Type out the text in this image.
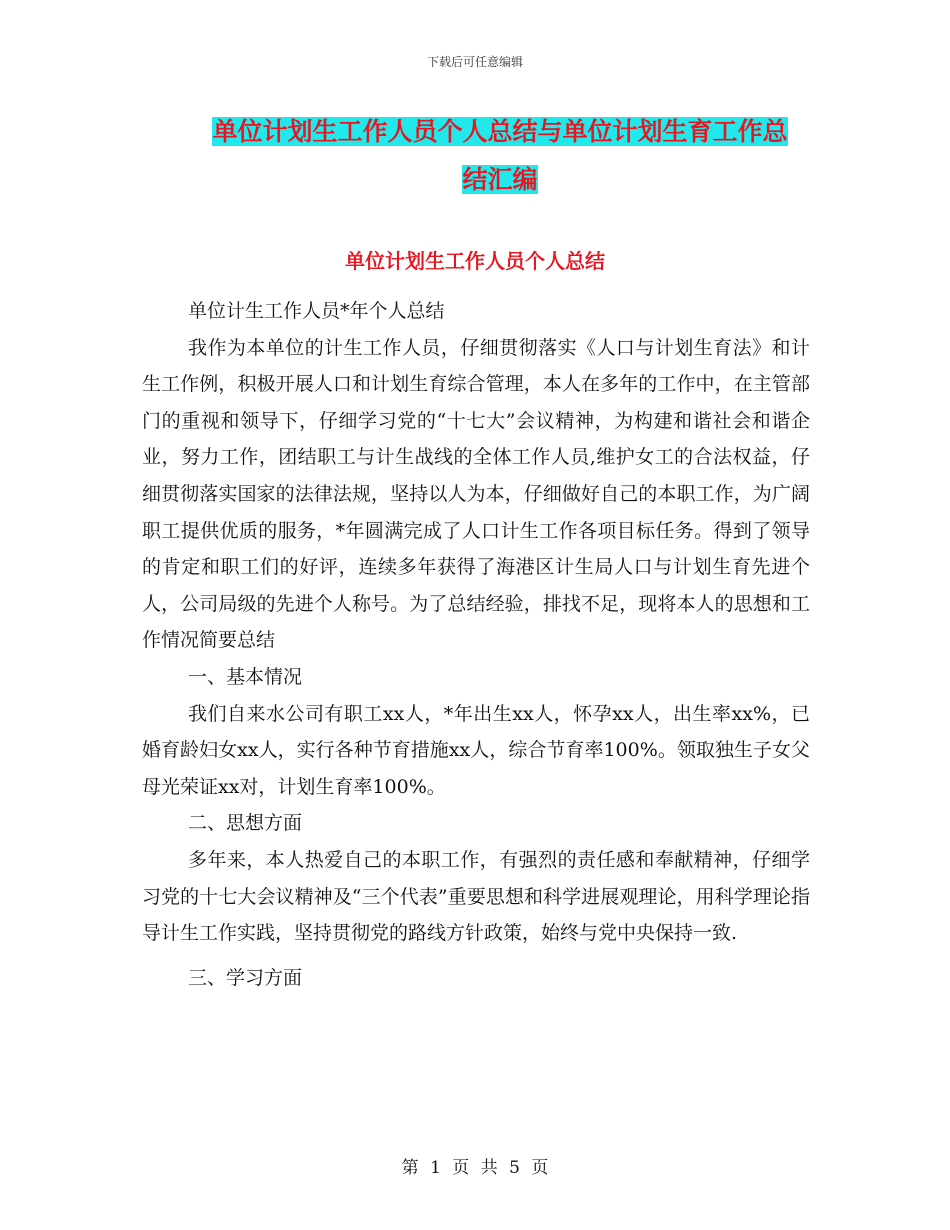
下载后可任意编辑
单位计划生工作人员个人总结与单位计划生育工作总
结汇编
单位计划生工作人员个人总结

单位计生工作人员*年个人总结

我作为本单位的计生工作人员，仔细贯彻落实《人口与计划生育法》和计生工作例，积极开展人口和计划生育综合管理，本人在多年的工作中，在主管部门的重视和领导下，仔细学习党的“十七大”会议精神，为构建和谐社会和谐企业，努力工作，团结职工与计生战线的全体工作人员,维护女工的合法权益，仔细贯彻落实国家的法律法规，坚持以人为本，仔细做好自己的本职工作，为广阔职工提供优质的服务，*年圆满完成了人口计生工作各项目标任务。得到了领导的肯定和职工们的好评，连续多年获得了海港区计生局人口与计划生育先进个人，公司局级的先进个人称号。为了总结经验，排找不足，现将本人的思想和工作情况简要总结

一、基本情况

我们自来水公司有职工xx人，*年出生xx人，怀孕xx人，出生率xx%，已婚育龄妇女xx人，实行各种节育措施xx人，综合节育率100%。领取独生子女父母光荣证xx对，计划生育率100%。

二、思想方面

多年来，本人热爱自己的本职工作，有强烈的责任感和奉献精神，仔细学习党的十七大会议精神及“三个代表”重要思想和科学进展观理论，用科学理论指导计生工作实践，坚持贯彻党的路线方针政策，始终与党中央保持一致.

三、学习方面

第 1 页 共 5 页
